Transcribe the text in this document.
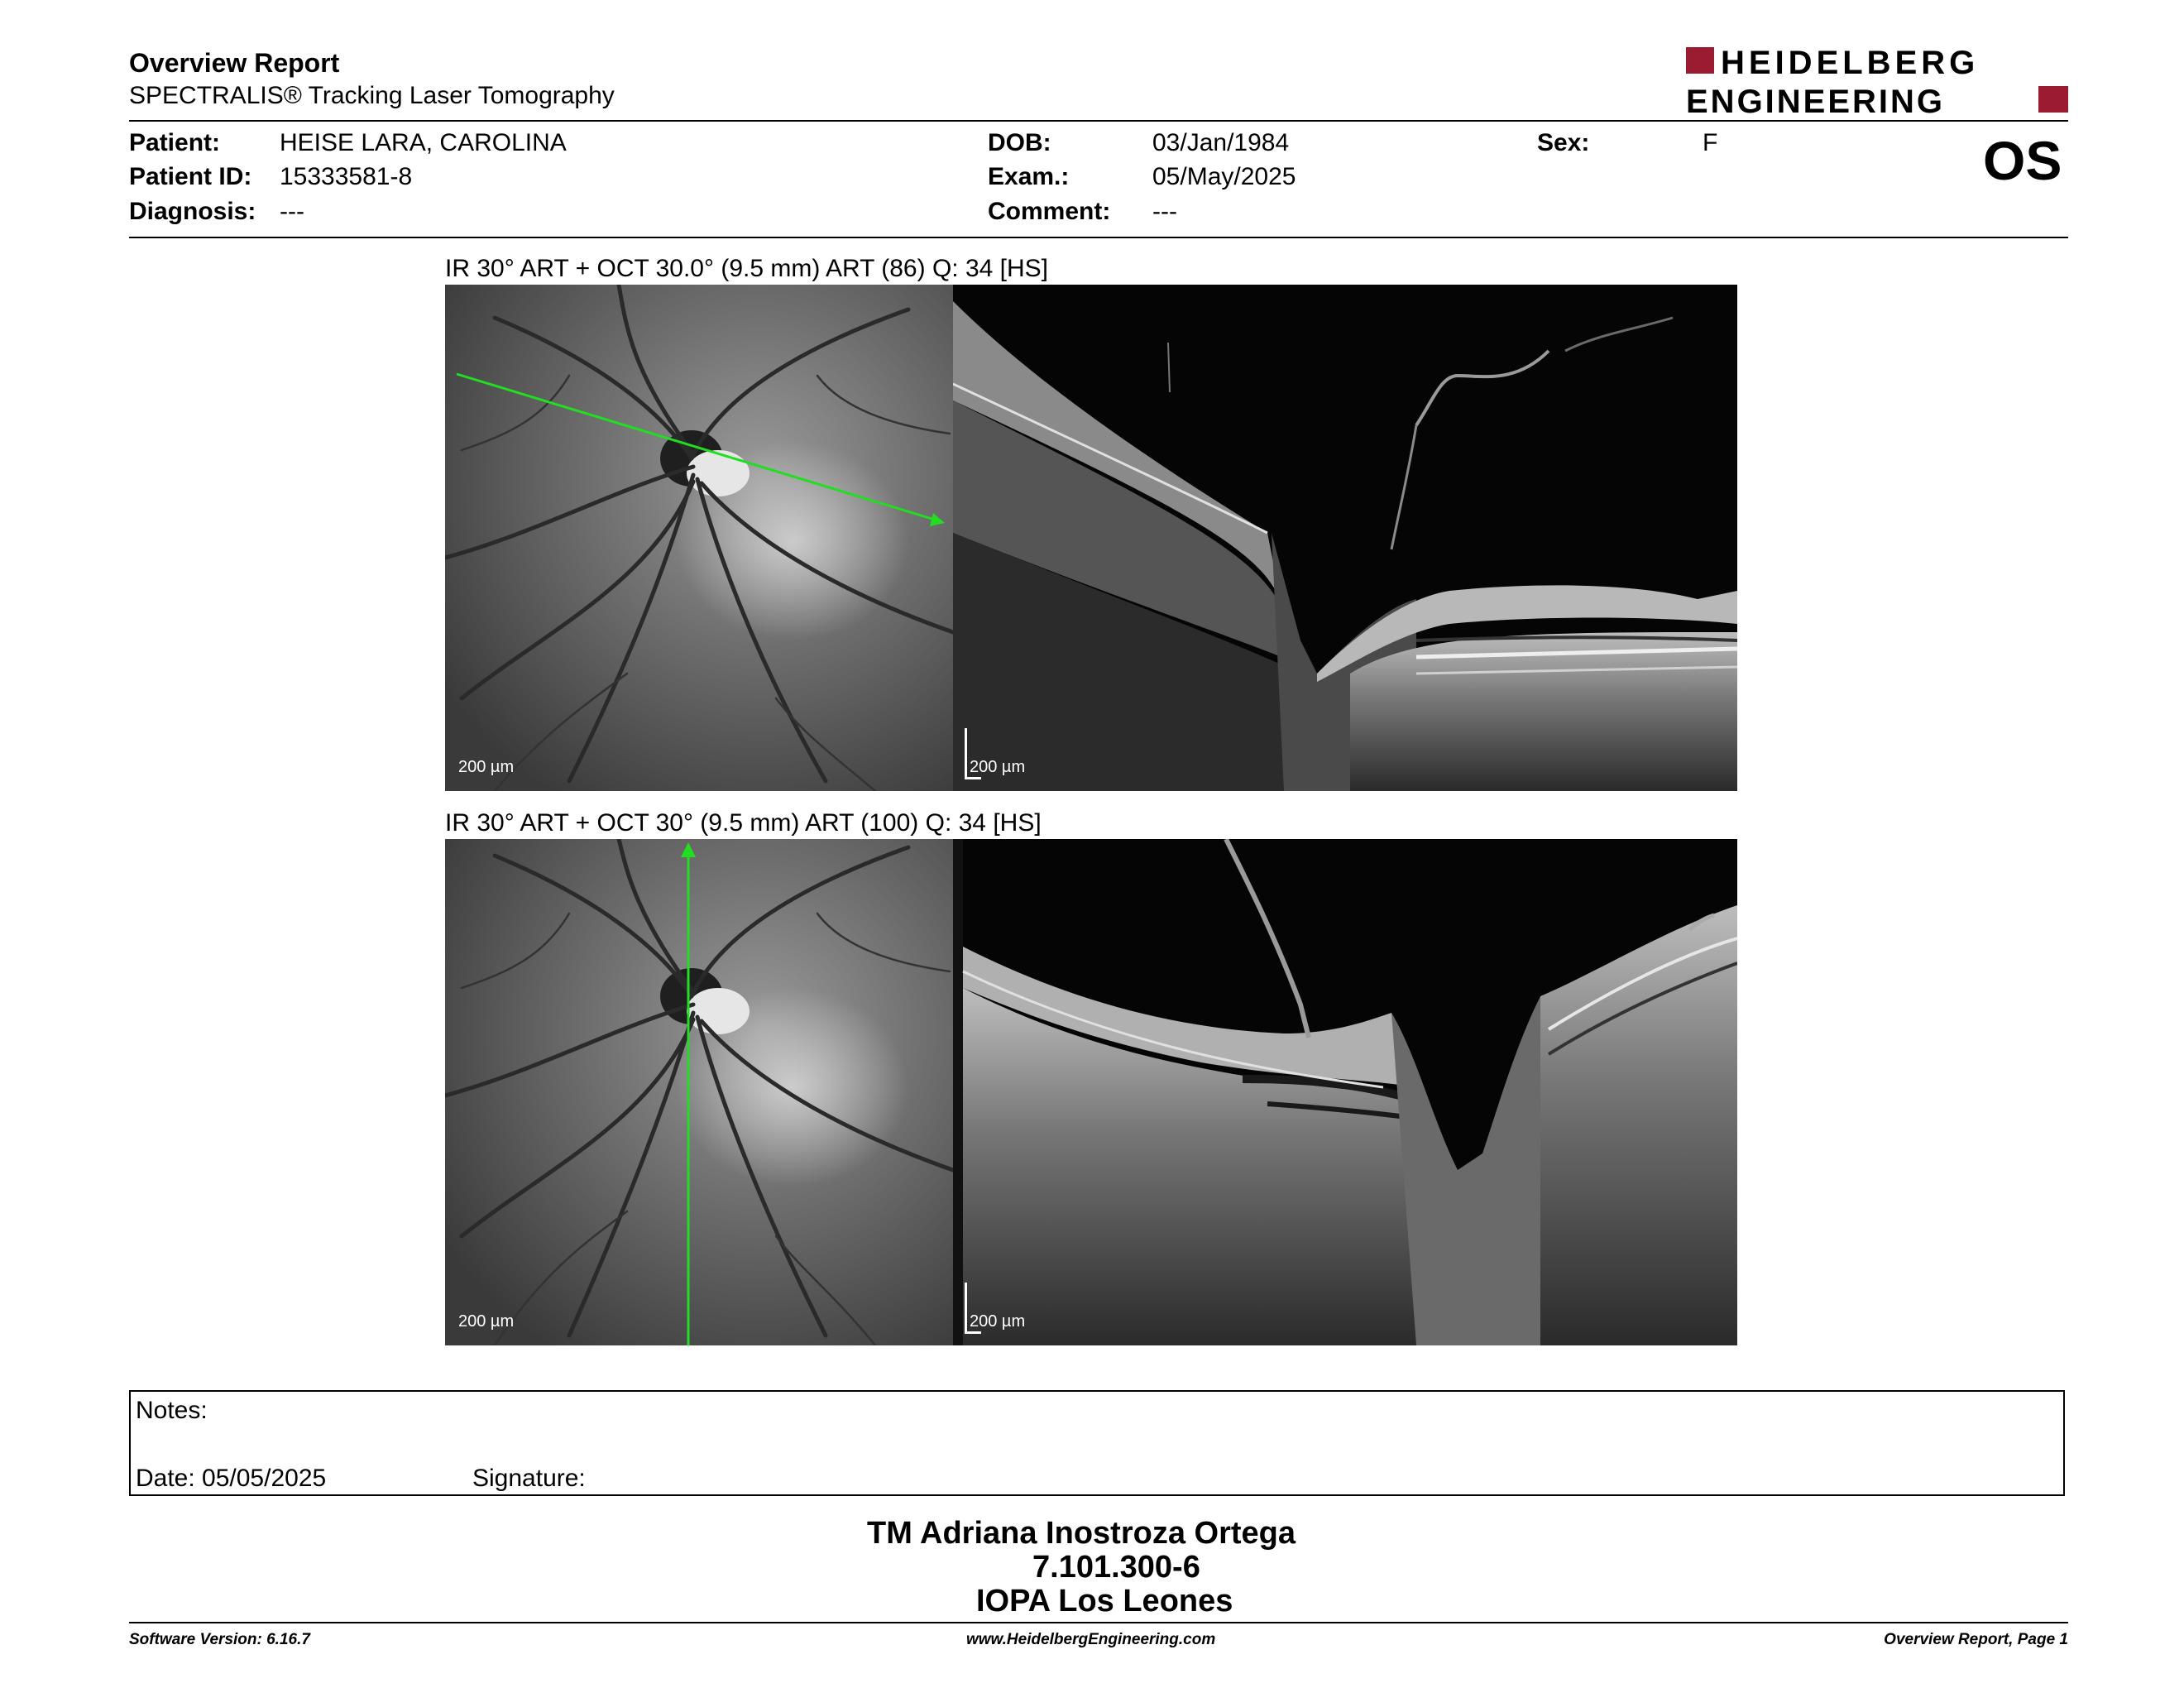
Overview Report
SPECTRALIS® Tracking Laser Tomography
HEIDELBERG
ENGINEERING
Patient: HEISE LARA, CAROLINA
Patient ID: 15333581-8
Diagnosis: ---
DOB:	03/Jan/1984
Exam.:	05/May/2025
Comment: ---
Sex:	F	OS
IR 30° ART + OCT 30.0° (9.5 mm) ART (86) Q: 34 [HS]
200 µm	200 µm
IR 30° ART + OCT 30° (9.5 mm) ART (100) Q: 34 [HS]
200 µm	200 µm
Notes:
Date: 05/05/2025	Signature:
TM Adriana Inostroza Ortega
7.101.300-6
IOPA Los Leones
Software Version: 6.16.7	www.HeidelbergEngineering.com	Overview Report, Page 1
